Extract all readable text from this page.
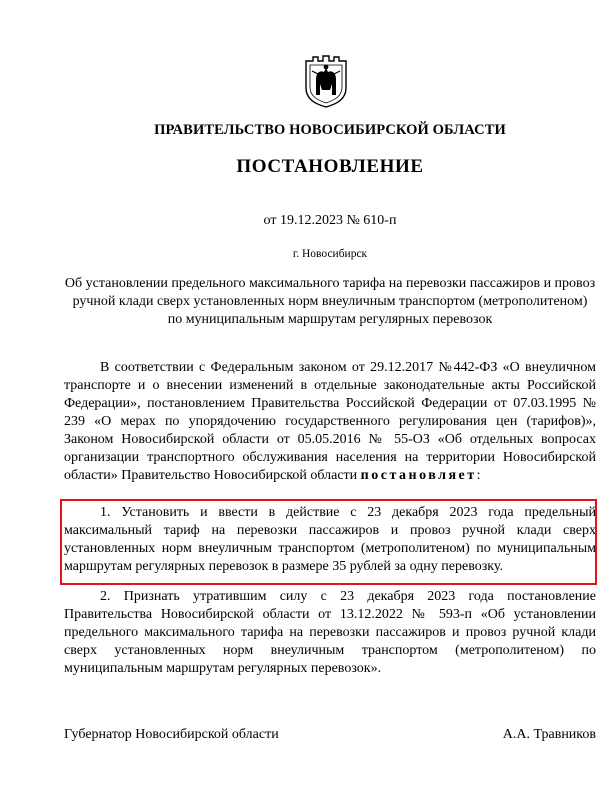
ПРАВИТЕЛЬСТВО НОВОСИБИРСКОЙ ОБЛАСТИ
ПОСТАНОВЛЕНИЕ
от 19.12.2023 № 610-п
г. Новосибирск
Об установлении предельного максимального тарифа на перевозки пассажиров и провоз ручной клади сверх установленных норм внеуличным транспортом (метрополитеном) по муниципальным маршрутам регулярных перевозок
В соответствии с Федеральным законом от 29.12.2017 №442-ФЗ «О внеуличном транспорте и о внесении изменений в отдельные законодательные акты Российской Федерации», постановлением Правительства Российской Федерации от 07.03.1995 № 239 «О мерах по упорядочению государственного регулирования цен (тарифов)», Законом Новосибирской области от 05.05.2016 № 55-ОЗ «Об отдельных вопросах организации транспортного обслуживания населения на территории Новосибирской области» Правительство Новосибирской области постановляет:
1. Установить и ввести в действие с 23 декабря 2023 года предельный максимальный тариф на перевозки пассажиров и провоз ручной клади сверх установленных норм внеуличным транспортом (метрополитеном) по муниципальным маршрутам регулярных перевозок в размере 35 рублей за одну перевозку.
2. Признать утратившим силу с 23 декабря 2023 года постановление Правительства Новосибирской области от 13.12.2022 № 593-п «Об установлении предельного максимального тарифа на перевозки пассажиров и провоз ручной клади сверх установленных норм внеуличным транспортом (метрополитеном) по муниципальным маршрутам регулярных перевозок».
Губернатор Новосибирской области	А.А. Травников
